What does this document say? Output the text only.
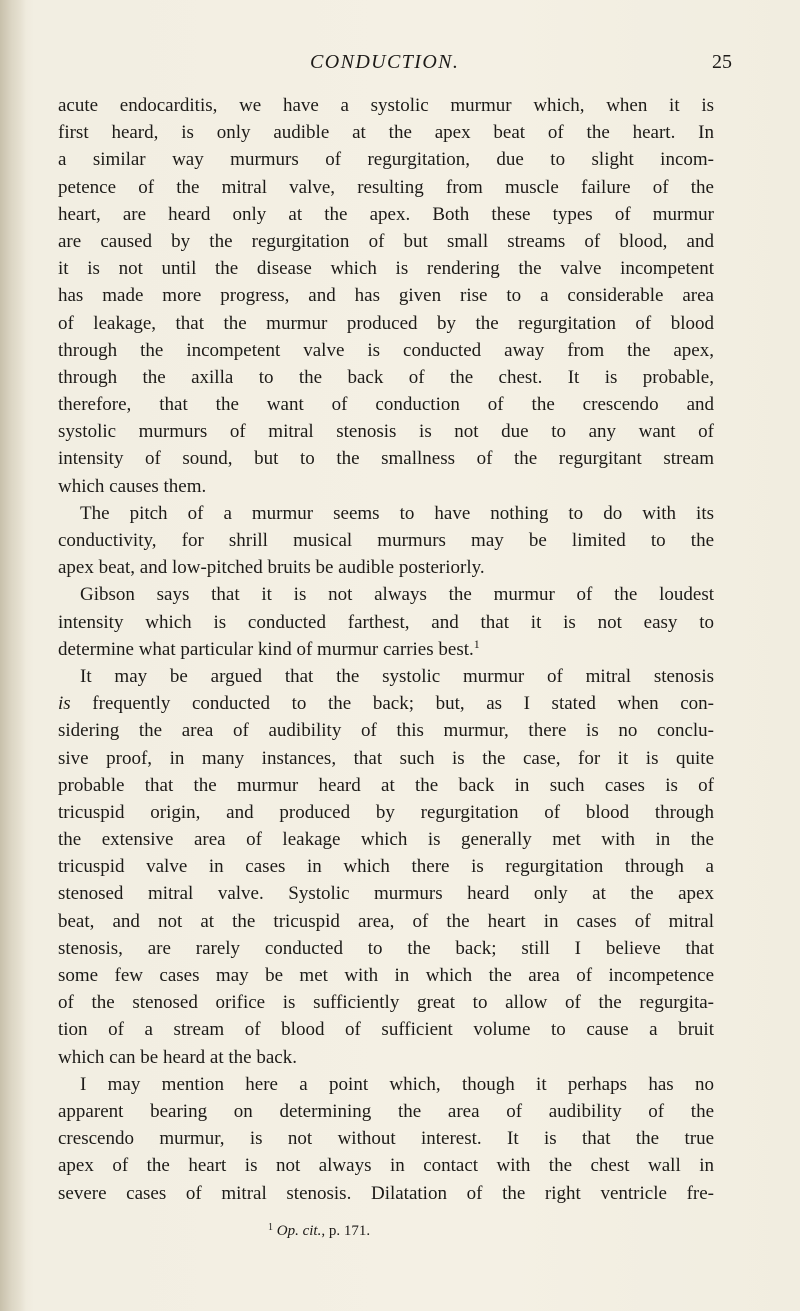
CONDUCTION.	25
acute endocarditis, we have a systolic murmur which, when it is
first heard, is only audible at the apex beat of the heart. In
a similar way murmurs of regurgitation, due to slight incom-
petence of the mitral valve, resulting from muscle failure of the
heart, are heard only at the apex. Both these types of murmur
are caused by the regurgitation of but small streams of blood, and
it is not until the disease which is rendering the valve incompetent
has made more progress, and has given rise to a considerable area
of leakage, that the murmur produced by the regurgitation of blood
through the incompetent valve is conducted away from the apex,
through the axilla to the back of the chest. It is probable,
therefore, that the want of conduction of the crescendo and
systolic murmurs of mitral stenosis is not due to any want of
intensity of sound, but to the smallness of the regurgitant stream
which causes them.
The pitch of a murmur seems to have nothing to do with its
conductivity, for shrill musical murmurs may be limited to the
apex beat, and low-pitched bruits be audible posteriorly.
Gibson says that it is not always the murmur of the loudest
intensity which is conducted farthest, and that it is not easy to
determine what particular kind of murmur carries best.$^1$
It may be argued that the systolic murmur of mitral stenosis
is frequently conducted to the back; but, as I stated when con-
sidering the area of audibility of this murmur, there is no conclu-
sive proof, in many instances, that such is the case, for it is quite
probable that the murmur heard at the back in such cases is of
tricuspid origin, and produced by regurgitation of blood through
the extensive area of leakage which is generally met with in the
tricuspid valve in cases in which there is regurgitation through a
stenosed mitral valve. Systolic murmurs heard only at the apex
beat, and not at the tricuspid area, of the heart in cases of mitral
stenosis, are rarely conducted to the back; still I believe that
some few cases may be met with in which the area of incompetence
of the stenosed orifice is sufficiently great to allow of the regurgita-
tion of a stream of blood of sufficient volume to cause a bruit
which can be heard at the back.
I may mention here a point which, though it perhaps has no
apparent bearing on determining the area of audibility of the
crescendo murmur, is not without interest. It is that the true
apex of the heart is not always in contact with the chest wall in
severe cases of mitral stenosis. Dilatation of the right ventricle fre-
$^1$ Op. cit., p. 171.
